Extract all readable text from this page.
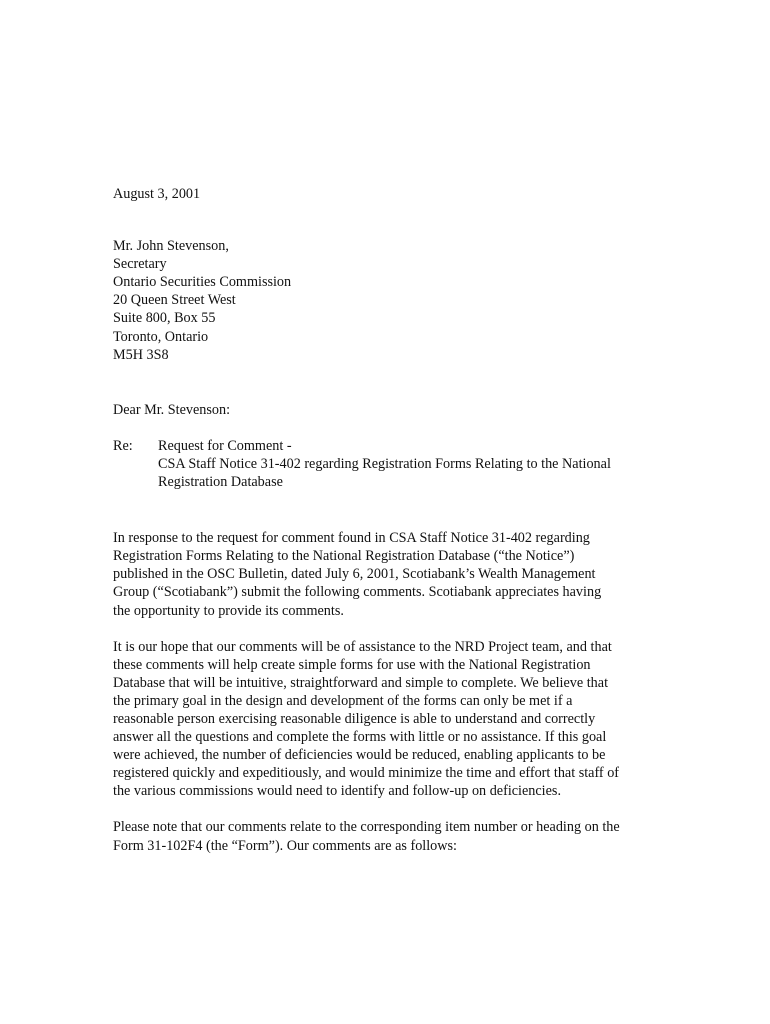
August 3, 2001
Mr. John Stevenson,
Secretary
Ontario Securities Commission
20 Queen Street West
Suite 800, Box 55
Toronto, Ontario
M5H 3S8
Dear Mr. Stevenson:
Re:	Request for Comment -
CSA Staff Notice 31-402 regarding Registration Forms Relating to the National
Registration Database
In response to the request for comment found in CSA Staff Notice 31-402 regarding
Registration Forms Relating to the National Registration Database (“the Notice”)
published in the OSC Bulletin, dated July 6, 2001, Scotiabank’s Wealth Management
Group (“Scotiabank”) submit the following comments. Scotiabank appreciates having
the opportunity to provide its comments.
It is our hope that our comments will be of assistance to the NRD Project team, and that
these comments will help create simple forms for use with the National Registration
Database that will be intuitive, straightforward and simple to complete. We believe that
the primary goal in the design and development of the forms can only be met if a
reasonable person exercising reasonable diligence is able to understand and correctly
answer all the questions and complete the forms with little or no assistance. If this goal
were achieved, the number of deficiencies would be reduced, enabling applicants to be
registered quickly and expeditiously, and would minimize the time and effort that staff of
the various commissions would need to identify and follow-up on deficiencies.
Please note that our comments relate to the corresponding item number or heading on the
Form 31-102F4 (the “Form”). Our comments are as follows:
